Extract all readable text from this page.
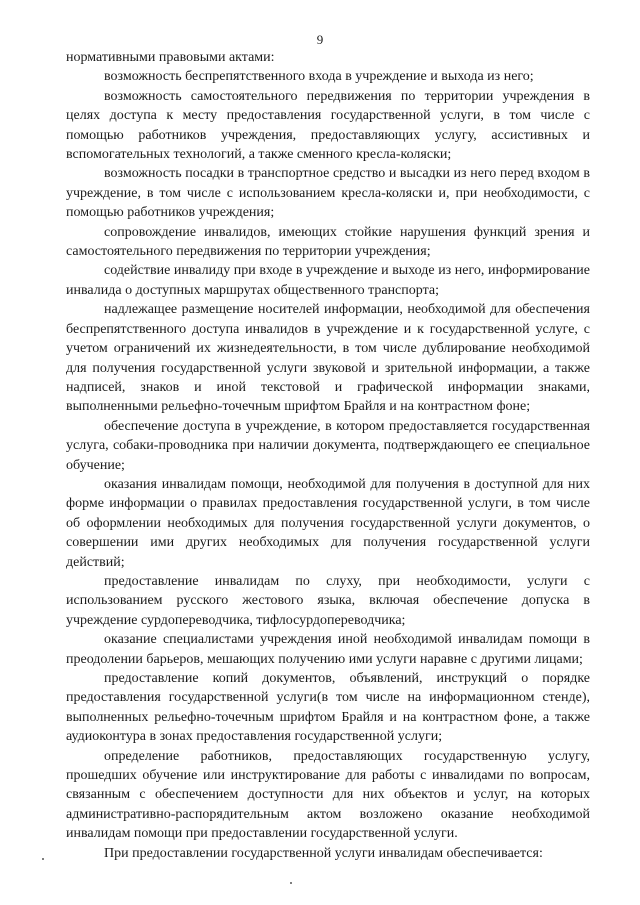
9

нормативными правовыми актами:

возможность беспрепятственного входа в учреждение и выхода из него;

возможность самостоятельного передвижения по территории учреждения в целях доступа к месту предоставления государственной услуги, в том числе с помощью работников учреждения, предоставляющих услугу, ассистивных и вспомогательных технологий, а также сменного кресла-коляски;

возможность посадки в транспортное средство и высадки из него перед входом в учреждение, в том числе с использованием кресла-коляски и, при необходимости, с помощью работников учреждения;

сопровождение инвалидов, имеющих стойкие нарушения функций зрения и самостоятельного передвижения по территории учреждения;

содействие инвалиду при входе в учреждение и выходе из него, информирование инвалида о доступных маршрутах общественного транспорта;

надлежащее размещение носителей информации, необходимой для обеспечения беспрепятственного доступа инвалидов в учреждение и к государственной услуге, с учетом ограничений их жизнедеятельности, в том числе дублирование необходимой для получения государственной услуги звуковой и зрительной информации, а также надписей, знаков и иной текстовой и графической информации знаками, выполненными рельефно-точечным шрифтом Брайля и на контрастном фоне;

обеспечение доступа в учреждение, в котором предоставляется государственная услуга, собаки-проводника при наличии документа, подтверждающего ее специальное обучение;

оказания инвалидам помощи, необходимой для получения в доступной для них форме информации о правилах предоставления государственной услуги, в том числе об оформлении необходимых для получения государственной услуги документов, о совершении ими других необходимых для получения государственной услуги действий;

предоставление инвалидам по слуху, при необходимости, услуги с использованием русского жестового языка, включая обеспечение допуска в учреждение сурдопереводчика, тифлосурдопереводчика;

оказание специалистами учреждения иной необходимой инвалидам помощи в преодолении барьеров, мешающих получению ими услуги наравне с другими лицами;

предоставление копий документов, объявлений, инструкций о порядке предоставления государственной услуги(в том числе на информационном стенде), выполненных рельефно-точечным шрифтом Брайля и на контрастном фоне, а также аудиоконтура в зонах предоставления государственной услуги;

определение работников, предоставляющих государственную услугу, прошедших обучение или инструктирование для работы с инвалидами по вопросам, связанным с обеспечением доступности для них объектов и услуг, на которых административно-распорядительным актом возложено оказание необходимой инвалидам помощи при предоставлении государственной услуги.

При предоставлении государственной услуги инвалидам обеспечивается:
